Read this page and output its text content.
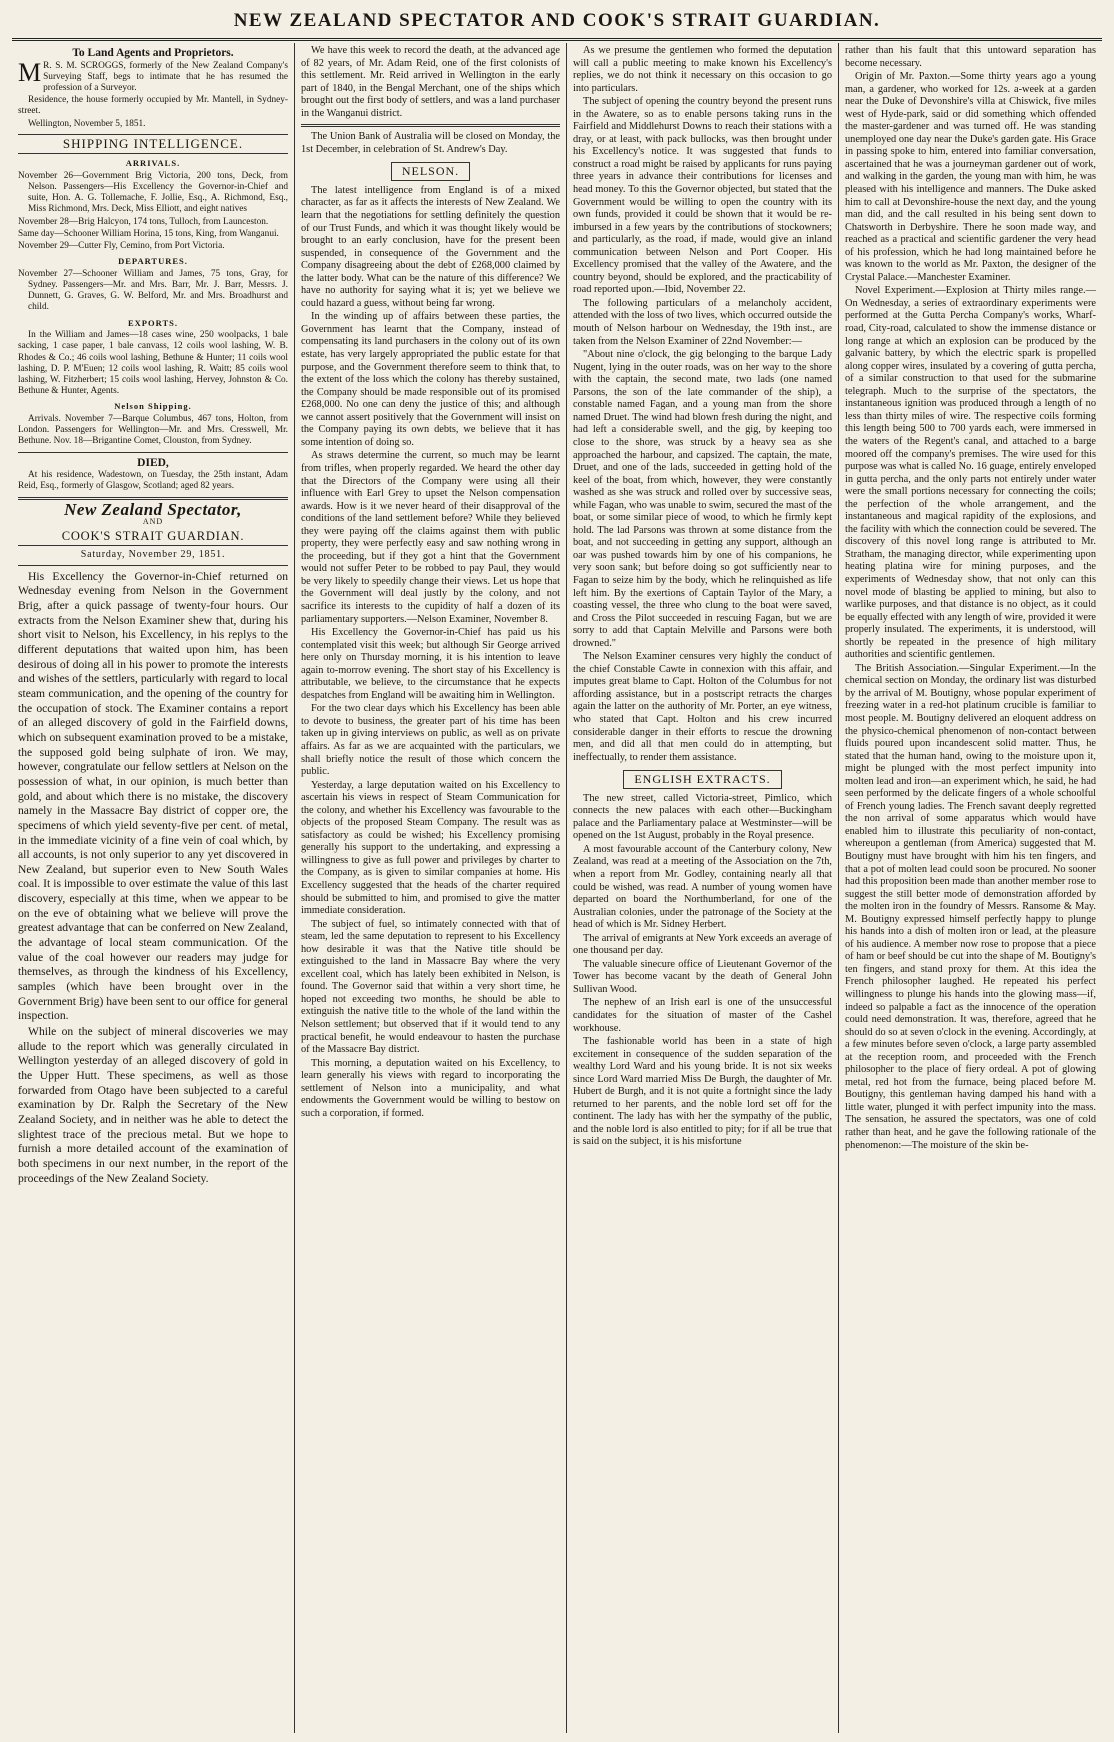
NEW ZEALAND SPECTATOR AND COOK'S STRAIT GUARDIAN.

To Land Agents and Proprietors.

M R. S. M. SCROGGS, formerly of the New Zealand Company's Surveying Staff, begs to intimate that he has resumed the profession of a Surveyor.

Residence, the house formerly occupied by Mr. Mantell, in Sydney-street.

Wellington, November 5, 1851.

SHIPPING INTELLIGENCE.

ARRIVALS.

November 26—Government Brig Victoria, 200 tons, Deck, from Nelson. Passengers—His Excellency the Governor-in-Chief and suite, Hon. A. G. Tollemache, F. Jollie, Esq., A. Richmond, Esq., Miss Richmond, Mrs. Deck, Miss Elliott, and eight natives

November 28—Brig Halcyon, 174 tons, Tulloch, from Launceston.

Same day—Schooner William Horina, 15 tons, King, from Wanganui.

November 29—Cutter Fly, Cemino, from Port Victoria.

DEPARTURES.

November 27—Schooner William and James, 75 tons, Gray, for Sydney. Passengers—Mr. and Mrs. Barr, Mr. J. Barr, Messrs. J. Dunnett, G. Graves, G. W. Belford, Mr. and Mrs. Broadhurst and child.

EXPORTS.

In the William and James—18 cases wine, 250 woolpacks, 1 bale sacking, 1 case paper, 1 bale canvass, 12 coils wool lashing, W. B. Rhodes & Co.; 46 coils wool lashing, Bethune & Hunter; 11 coils wool lashing, D. P. M'Euen; 12 coils wool lashing, R. Waitt; 85 coils wool lashing, W. Fitzherbert; 15 coils wool lashing, Hervey, Johnston & Co. Bethune & Hunter, Agents.

Nelson Shipping.

Arrivals. November 7—Barque Columbus, 467 tons, Holton, from London. Passengers for Wellington—Mr. and Mrs. Cresswell, Mr. Bethune. Nov. 18—Brigantine Comet, Clouston, from Sydney.

DIED,

At his residence, Wadestown, on Tuesday, the 25th instant, Adam Reid, Esq., formerly of Glasgow, Scotland; aged 82 years.

New Zealand Spectator,

AND

COOK'S STRAIT GUARDIAN.

Saturday, November 29, 1851.

His Excellency the Governor-in-Chief returned on Wednesday evening from Nelson in the Government Brig, after a quick passage of twenty-four hours. Our extracts from the Nelson Examiner shew that, during his short visit to Nelson, his Excellency, in his replys to the different deputations that waited upon him, has been desirous of doing all in his power to promote the interests and wishes of the settlers, particularly with regard to local steam communication, and the opening of the country for the occupation of stock. The Examiner contains a report of an alleged discovery of gold in the Fairfield downs, which on subsequent examination proved to be a mistake, the supposed gold being sulphate of iron. We may, however, congratulate our fellow settlers at Nelson on the possession of what, in our opinion, is much better than gold, and about which there is no mistake, the discovery namely in the Massacre Bay district of copper ore, the specimens of which yield seventy-five per cent. of metal, in the immediate vicinity of a fine vein of coal which, by all accounts, is not only superior to any yet discovered in New Zealand, but superior even to New South Wales coal. It is impossible to over estimate the value of this last discovery, especially at this time, when we appear to be on the eve of obtaining what we believe will prove the greatest advantage that can be conferred on New Zealand, the advantage of local steam communication. Of the value of the coal however our readers may judge for themselves, as through the kindness of his Excellency, samples (which have been brought over in the Government Brig) have been sent to our office for general inspection.

While on the subject of mineral discoveries we may allude to the report which was generally circulated in Wellington yesterday of an alleged discovery of gold in the Upper Hutt. These specimens, as well as those forwarded from Otago have been subjected to a careful examination by Dr. Ralph the Secretary of the New Zealand Society, and in neither was he able to detect the slightest trace of the precious metal. But we hope to furnish a more detailed account of the examination of both specimens in our next number, in the report of the proceedings of the New Zealand Society.

We have this week to record the death, at the advanced age of 82 years, of Mr. Adam Reid, one of the first colonists of this settlement. Mr. Reid arrived in Wellington in the early part of 1840, in the Bengal Merchant, one of the ships which brought out the first body of settlers, and was a land purchaser in the Wanganui district.

The Union Bank of Australia will be closed on Monday, the 1st December, in celebration of St. Andrew's Day.

NELSON.

The latest intelligence from England is of a mixed character, as far as it affects the interests of New Zealand. We learn that the negotiations for settling definitely the question of our Trust Funds, and which it was thought likely would be brought to an early conclusion, have for the present been suspended, in consequence of the Government and the Company disagreeing about the debt of £268,000 claimed by the latter body. What can be the nature of this difference? We have no authority for saying what it is; yet we believe we could hazard a guess, without being far wrong.

In the winding up of affairs between these parties, the Government has learnt that the Company, instead of compensating its land purchasers in the colony out of its own estate, has very largely appropriated the public estate for that purpose, and the Government therefore seem to think that, to the extent of the loss which the colony has thereby sustained, the Company should be made responsible out of its promised £268,000. No one can deny the justice of this; and although we cannot assert positively that the Government will insist on the Company paying its own debts, we believe that it has some intention of doing so.

As straws determine the current, so much may be learnt from trifles, when properly regarded. We heard the other day that the Directors of the Company were using all their influence with Earl Grey to upset the Nelson compensation awards. How is it we never heard of their disapproval of the conditions of the land settlement before? While they believed they were paying off the claims against them with public property, they were perfectly easy and saw nothing wrong in the proceeding, but if they got a hint that the Government would not suffer Peter to be robbed to pay Paul, they would be very likely to speedily change their views. Let us hope that the Government will deal justly by the colony, and not sacrifice its interests to the cupidity of half a dozen of its parliamentary supporters.—Nelson Examiner, November 8.

His Excellency the Governor-in-Chief has paid us his contemplated visit this week; but although Sir George arrived here only on Thursday morning, it is his intention to leave again to-morrow evening. The short stay of his Excellency is attributable, we believe, to the circumstance that he expects despatches from England will be awaiting him in Wellington.

For the two clear days which his Excellency has been able to devote to business, the greater part of his time has been taken up in giving interviews on public, as well as on private affairs. As far as we are acquainted with the particulars, we shall briefly notice the result of those which concern the public.

Yesterday, a large deputation waited on his Excellency to ascertain his views in respect of Steam Communication for the colony, and whether his Excellency was favourable to the objects of the proposed Steam Company. The result was as satisfactory as could be wished; his Excellency promising generally his support to the undertaking, and expressing a willingness to give as full power and privileges by charter to the Company, as is given to similar companies at home. His Excellency suggested that the heads of the charter required should be submitted to him, and promised to give the matter immediate consideration.

The subject of fuel, so intimately connected with that of steam, led the same deputation to represent to his Excellency how desirable it was that the Native title should be extinguished to the land in Massacre Bay where the very excellent coal, which has lately been exhibited in Nelson, is found. The Governor said that within a very short time, he hoped not exceeding two months, he should be able to extinguish the native title to the whole of the land within the Nelson settlement; but observed that if it would tend to any practical benefit, he would endeavour to hasten the purchase of the Massacre Bay district.

This morning, a deputation waited on his Excellency, to learn generally his views with regard to incorporating the settlement of Nelson into a municipality, and what endowments the Government would be willing to bestow on such a corporation, if formed.

As we presume the gentlemen who formed the deputation will call a public meeting to make known his Excellency's replies, we do not think it necessary on this occasion to go into particulars.

The subject of opening the country beyond the present runs in the Awatere, so as to enable persons taking runs in the Fairfield and Middlehurst Downs to reach their stations with a dray, or at least, with pack bullocks, was then brought under his Excellency's notice. It was suggested that funds to construct a road might be raised by applicants for runs paying three years in advance their contributions for licenses and head money. To this the Governor objected, but stated that the Government would be willing to open the country with its own funds, provided it could be shown that it would be re-imbursed in a few years by the contributions of stockowners; and particularly, as the road, if made, would give an inland communication between Nelson and Port Cooper. His Excellency promised that the valley of the Awatere, and the country beyond, should be explored, and the practicability of road reported upon.—Ibid, November 22.

The following particulars of a melancholy accident, attended with the loss of two lives, which occurred outside the mouth of Nelson harbour on Wednesday, the 19th inst., are taken from the Nelson Examiner of 22nd November:—

"About nine o'clock, the gig belonging to the barque Lady Nugent, lying in the outer roads, was on her way to the shore with the captain, the second mate, two lads (one named Parsons, the son of the late commander of the ship), a constable named Fagan, and a young man from the shore named Druet. The wind had blown fresh during the night, and had left a considerable swell, and the gig, by keeping too close to the shore, was struck by a heavy sea as she approached the harbour, and capsized. The captain, the mate, Druet, and one of the lads, succeeded in getting hold of the keel of the boat, from which, however, they were constantly washed as she was struck and rolled over by successive seas, while Fagan, who was unable to swim, secured the mast of the boat, or some similar piece of wood, to which he firmly kept hold. The lad Parsons was thrown at some distance from the boat, and not succeeding in getting any support, although an oar was pushed towards him by one of his companions, he very soon sank; but before doing so got sufficiently near to Fagan to seize him by the body, which he relinquished as life left him. By the exertions of Captain Taylor of the Mary, a coasting vessel, the three who clung to the boat were saved, and Cross the Pilot succeeded in rescuing Fagan, but we are sorry to add that Captain Melville and Parsons were both drowned."

The Nelson Examiner censures very highly the conduct of the chief Constable Cawte in connexion with this affair, and imputes great blame to Capt. Holton of the Columbus for not affording assistance, but in a postscript retracts the charges again the latter on the authority of Mr. Porter, an eye witness, who stated that Capt. Holton and his crew incurred considerable danger in their efforts to rescue the drowning men, and did all that men could do in attempting, but ineffectually, to render them assistance.

ENGLISH EXTRACTS.

The new street, called Victoria-street, Pimlico, which connects the new palaces with each other—Buckingham palace and the Parliamentary palace at Westminster—will be opened on the 1st August, probably in the Royal presence.

A most favourable account of the Canterbury colony, New Zealand, was read at a meeting of the Association on the 7th, when a report from Mr. Godley, containing nearly all that could be wished, was read. A number of young women have departed on board the Northumberland, for one of the Australian colonies, under the patronage of the Society at the head of which is Mr. Sidney Herbert.

The arrival of emigrants at New York exceeds an average of one thousand per day.

The valuable sinecure office of Lieutenant Governor of the Tower has become vacant by the death of General John Sullivan Wood.

The nephew of an Irish earl is one of the unsuccessful candidates for the situation of master of the Cashel workhouse.

The fashionable world has been in a state of high excitement in consequence of the sudden separation of the wealthy Lord Ward and his young bride. It is not six weeks since Lord Ward married Miss De Burgh, the daughter of Mr. Hubert de Burgh, and it is not quite a fortnight since the lady returned to her parents, and the noble lord set off for the continent. The lady has with her the sympathy of the public, and the noble lord is also entitled to pity; for if all be true that is said on the subject, it is his misfortune

rather than his fault that this untoward separation has become necessary.

Origin of Mr. Paxton.—Some thirty years ago a young man, a gardener, who worked for 12s. a-week at a garden near the Duke of Devonshire's villa at Chiswick, five miles west of Hyde-park, said or did something which offended the master-gardener and was turned off. He was standing unemployed one day near the Duke's garden gate. His Grace in passing spoke to him, entered into familiar conversation, ascertained that he was a journeyman gardener out of work, and walking in the garden, the young man with him, he was pleased with his intelligence and manners. The Duke asked him to call at Devonshire-house the next day, and the young man did, and the call resulted in his being sent down to Chatsworth in Derbyshire. There he soon made way, and reached as a practical and scientific gardener the very head of his profession, which he had long maintained before he was known to the world as Mr. Paxton, the designer of the Crystal Palace.—Manchester Examiner.

Novel Experiment.—Explosion at Thirty miles range.—On Wednesday, a series of extraordinary experiments were performed at the Gutta Percha Company's works, Wharf-road, City-road, calculated to show the immense distance or long range at which an explosion can be produced by the galvanic battery, by which the electric spark is propelled along copper wires, insulated by a covering of gutta percha, of a similar construction to that used for the submarine telegraph. Much to the surprise of the spectators, the instantaneous ignition was produced through a length of no less than thirty miles of wire. The respective coils forming this length being 500 to 700 yards each, were immersed in the waters of the Regent's canal, and attached to a barge moored off the company's premises. The wire used for this purpose was what is called No. 16 guage, entirely enveloped in gutta percha, and the only parts not entirely under water were the small portions necessary for connecting the coils; the perfection of the whole arrangement, and the instantaneous and magical rapidity of the explosions, and the facility with which the connection could be severed. The discovery of this novel long range is attributed to Mr. Stratham, the managing director, while experimenting upon heating platina wire for mining purposes, and the experiments of Wednesday show, that not only can this novel mode of blasting be applied to mining, but also to warlike purposes, and that distance is no object, as it could be equally effected with any length of wire, provided it were properly insulated. The experiments, it is understood, will shortly be repeated in the presence of high military authorities and scientific gentlemen.

The British Association.—Singular Experiment.—In the chemical section on Monday, the ordinary list was disturbed by the arrival of M. Boutigny, whose popular experiment of freezing water in a red-hot platinum crucible is familiar to most people. M. Boutigny delivered an eloquent address on the physico-chemical phenomenon of non-contact between fluids poured upon incandescent solid matter. Thus, he stated that the human hand, owing to the moisture upon it, might be plunged with the most perfect impunity into molten lead and iron—an experiment which, he said, he had seen performed by the delicate fingers of a whole schoolful of French young ladies. The French savant deeply regretted the non arrival of some apparatus which would have enabled him to illustrate this peculiarity of non-contact, whereupon a gentleman (from America) suggested that M. Boutigny must have brought with him his ten fingers, and that a pot of molten lead could soon be procured. No sooner had this proposition been made than another member rose to suggest the still better mode of demonstration afforded by the molten iron in the foundry of Messrs. Ransome & May. M. Boutigny expressed himself perfectly happy to plunge his hands into a dish of molten iron or lead, at the pleasure of his audience. A member now rose to propose that a piece of ham or beef should be cut into the shape of M. Boutigny's ten fingers, and stand proxy for them. At this idea the French philosopher laughed. He repeated his perfect willingness to plunge his hands into the glowing mass—if, indeed so palpable a fact as the innocence of the operation could need demonstration. It was, therefore, agreed that he should do so at seven o'clock in the evening. Accordingly, at a few minutes before seven o'clock, a large party assembled at the reception room, and proceeded with the French philosopher to the place of fiery ordeal. A pot of glowing metal, red hot from the furnace, being placed before M. Boutigny, this gentleman having damped his hand with a little water, plunged it with perfect impunity into the mass. The sensation, he assured the spectators, was one of cold rather than heat, and he gave the following rationale of the phenomenon:—The moisture of the skin be-
